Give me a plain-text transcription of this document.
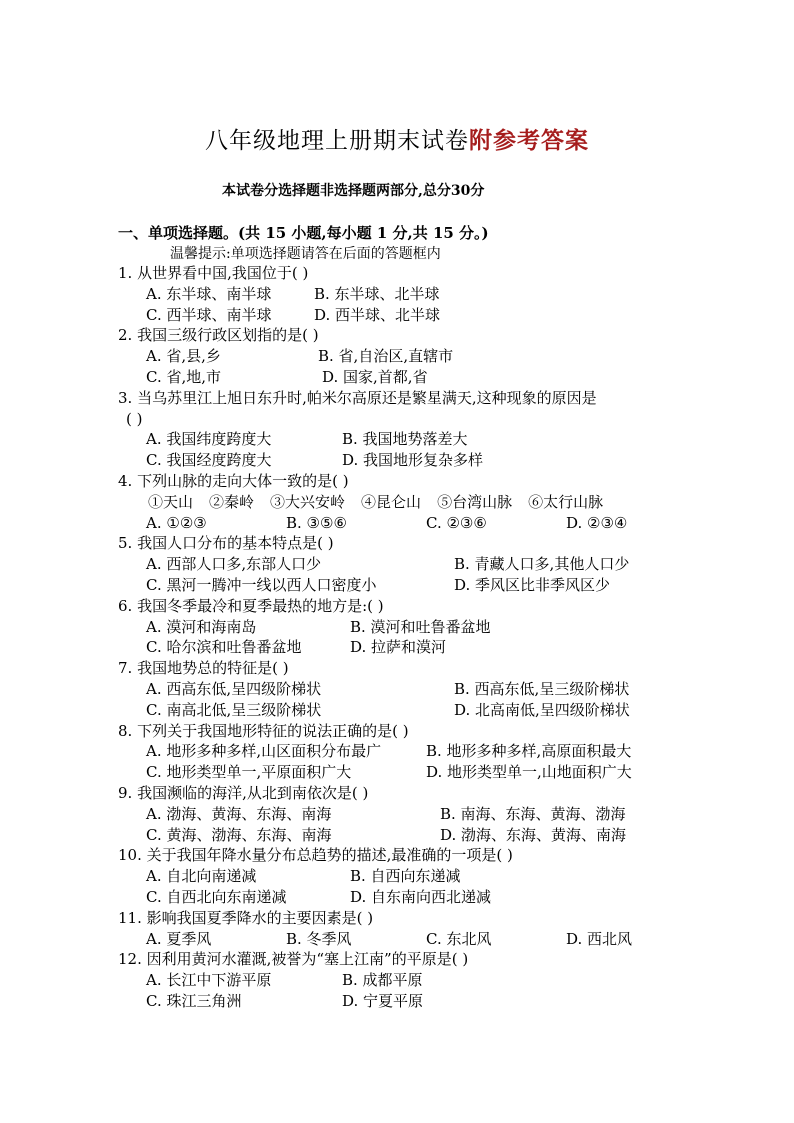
八年级地理上册期末试卷附参考答案
本试卷分选择题非选择题两部分,总分30分
一、单项选择题。(共 15 小题,每小题 1 分,共 15 分。)
温馨提示:单项选择题请答在后面的答题框内
1. 从世界看中国,我国位于( )
A. 东半球、南半球	B. 东半球、北半球
C. 西半球、南半球	D. 西半球、北半球
2. 我国三级行政区划指的是( )
A. 省,县,乡	B. 省,自治区,直辖市
C. 省,地,市	D. 国家,首都,省
3. 当乌苏里江上旭日东升时,帕米尔高原还是繁星满天,这种现象的原因是
( )
A. 我国纬度跨度大	B. 我国地势落差大
C. 我国经度跨度大	D. 我国地形复杂多样
4. 下列山脉的走向大体一致的是( )
①天山 ②秦岭 ③大兴安岭 ④昆仑山 ⑤台湾山脉 ⑥太行山脉
A. ①②③	B. ③⑤⑥	C. ②③⑥	D. ②③④
5. 我国人口分布的基本特点是( )
A. 西部人口多,东部人口少	B. 青藏人口多,其他人口少
C. 黑河一腾冲一线以西人口密度小	D. 季风区比非季风区少
6. 我国冬季最冷和夏季最热的地方是:( )
A. 漠河和海南岛	B. 漠河和吐鲁番盆地
C. 哈尔滨和吐鲁番盆地	D. 拉萨和漠河
7. 我国地势总的特征是( )
A. 西高东低,呈四级阶梯状	B. 西高东低,呈三级阶梯状
C. 南高北低,呈三级阶梯状	D. 北高南低,呈四级阶梯状
8. 下列关于我国地形特征的说法正确的是( )
A. 地形多种多样,山区面积分布最广	B. 地形多种多样,高原面积最大
C. 地形类型单一,平原面积广大	D. 地形类型单一,山地面积广大
9. 我国濒临的海洋,从北到南依次是( )
A. 渤海、黄海、东海、南海	B. 南海、东海、黄海、渤海
C. 黄海、渤海、东海、南海	D. 渤海、东海、黄海、南海
10. 关于我国年降水量分布总趋势的描述,最准确的一项是( )
A. 自北向南递减	B. 自西向东递减
C. 自西北向东南递减	D. 自东南向西北递减
11. 影响我国夏季降水的主要因素是( )
A. 夏季风	B. 冬季风	C. 东北风	D. 西北风
12. 因利用黄河水灌溉,被誉为“塞上江南”的平原是( )
A. 长江中下游平原	B. 成都平原
C. 珠江三角洲	D. 宁夏平原
